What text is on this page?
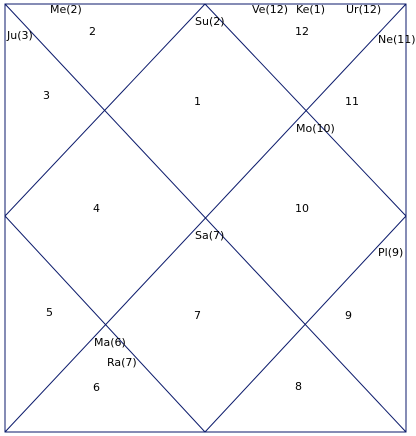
1
2
3
4
5
6
7
8
9
10
11
12
Me(2)
Ju(3)
Su(2)
Ve(12) Ke(1) Ur(12)
Ne(11)
Mo(10)
Sa(7)
Pl(9)
Ma(6)
Ra(7)
